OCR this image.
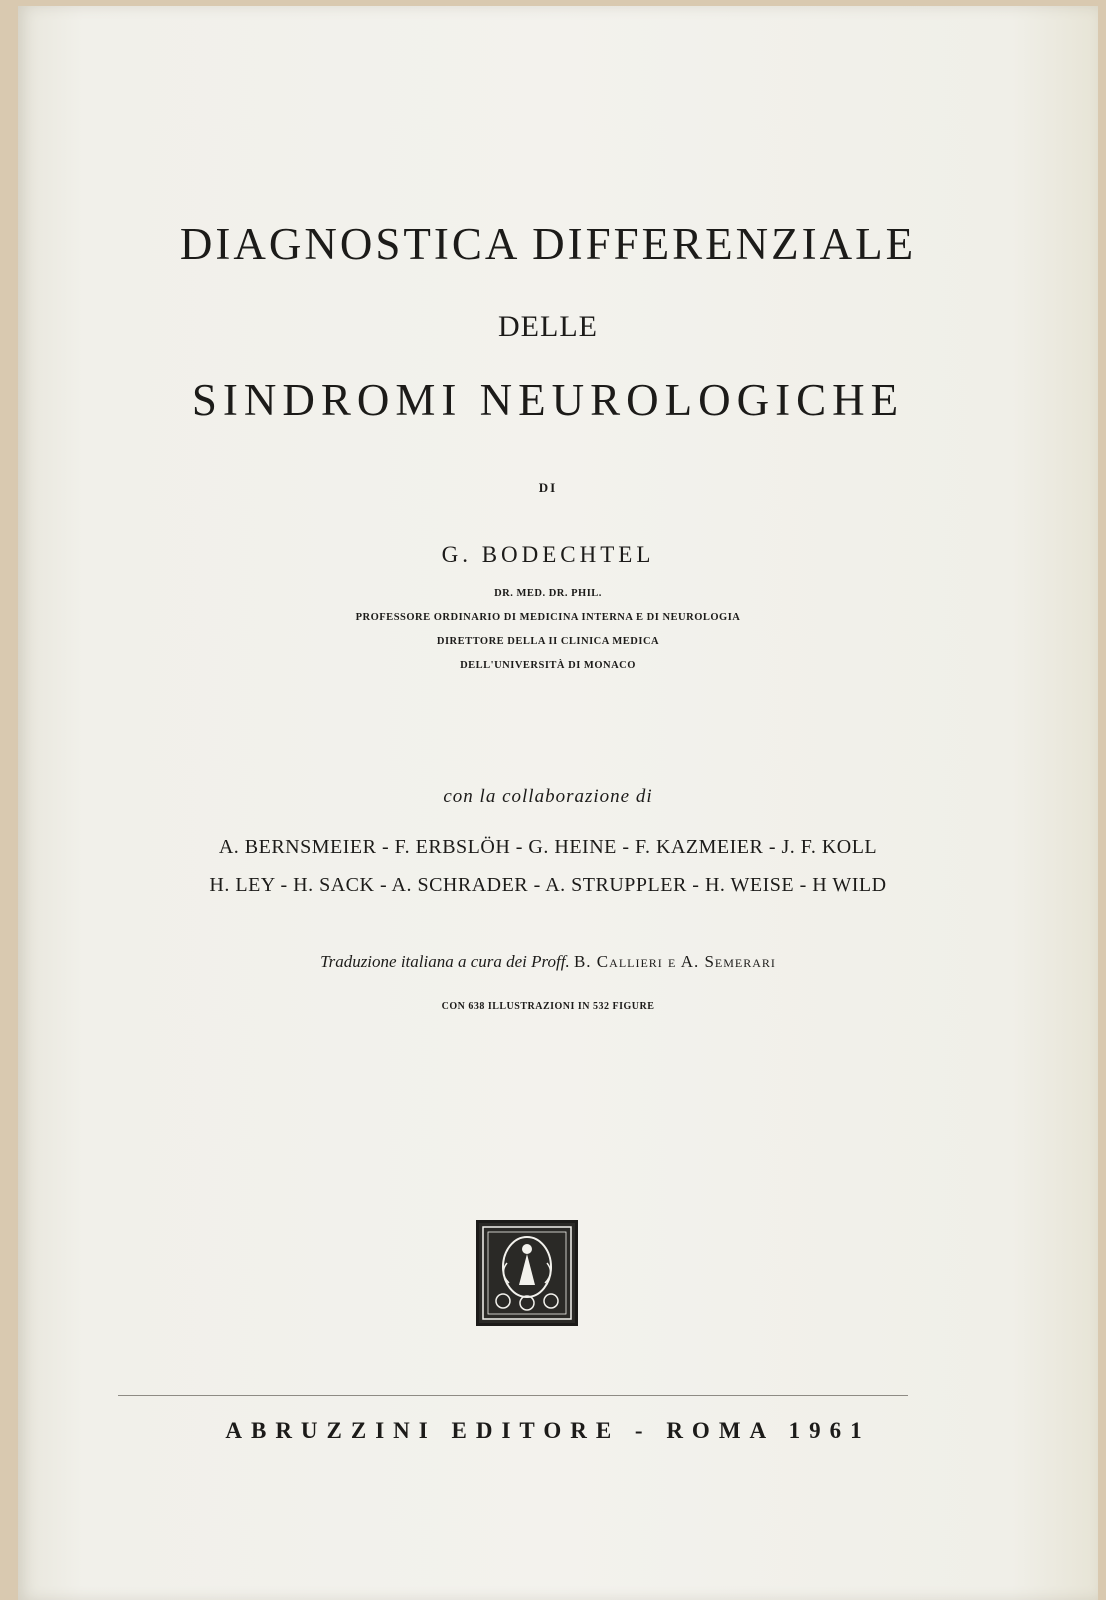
DIAGNOSTICA DIFFERENZIALE
DELLE
SINDROMI NEUROLOGICHE
DI
G. BODECHTEL
DR. MED. DR. PHIL.
PROFESSORE ORDINARIO DI MEDICINA INTERNA E DI NEUROLOGIA
DIRETTORE DELLA II CLINICA MEDICA
DELL'UNIVERSITÀ DI MONACO
con la collaborazione di
A. BERNSMEIER - F. ERBSLÖH - G. HEINE - F. KAZMEIER - J. F. KOLL
H. LEY - H. SACK - A. SCHRADER - A. STRUPPLER - H. WEISE - H WILD
Traduzione italiana a cura dei Proff. B. Callieri e A. Semerari
CON 638 ILLUSTRAZIONI IN 532 FIGURE
ABRUZZINI EDITORE - ROMA 1961
